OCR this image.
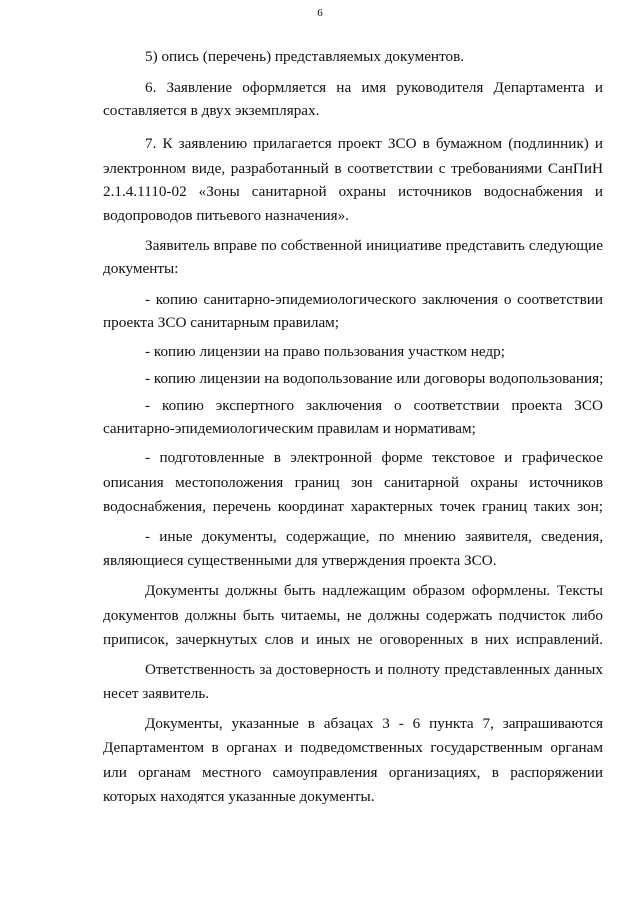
6
5) опись (перечень) представляемых документов.
6. Заявление оформляется на имя руководителя Департамента и
составляется в двух экземплярах.
7. К заявлению прилагается проект ЗСО в бумажном (подлинник) и
электронном виде, разработанный в соответствии с требованиями СанПиН
2.1.4.1110-02 «Зоны санитарной охраны источников водоснабжения и
водопроводов питьевого назначения».
Заявитель вправе по собственной инициативе представить следующие
документы:
- копию санитарно-эпидемиологического заключения о соответствии
проекта ЗСО санитарным правилам;
- копию лицензии на право пользования участком недр;
- копию лицензии на водопользование или договоры водопользования;
- копию экспертного заключения о соответствии проекта ЗСО
санитарно-эпидемиологическим правилам и нормативам;
- подготовленные в электронной форме текстовое и графическое
описания местоположения границ зон санитарной охраны источников
водоснабжения, перечень координат характерных точек границ таких зон;
- иные документы, содержащие, по мнению заявителя, сведения,
являющиеся существенными для утверждения проекта ЗСО.
Документы должны быть надлежащим образом оформлены. Тексты
документов должны быть читаемы, не должны содержать подчисток либо
приписок, зачеркнутых слов и иных не оговоренных в них исправлений.
Ответственность за достоверность и полноту представленных данных
несет заявитель.
Документы, указанные в абзацах 3 - 6 пункта 7, запрашиваются
Департаментом в органах и подведомственных государственным органам
или органам местного самоуправления организациях, в распоряжении
которых находятся указанные документы.
